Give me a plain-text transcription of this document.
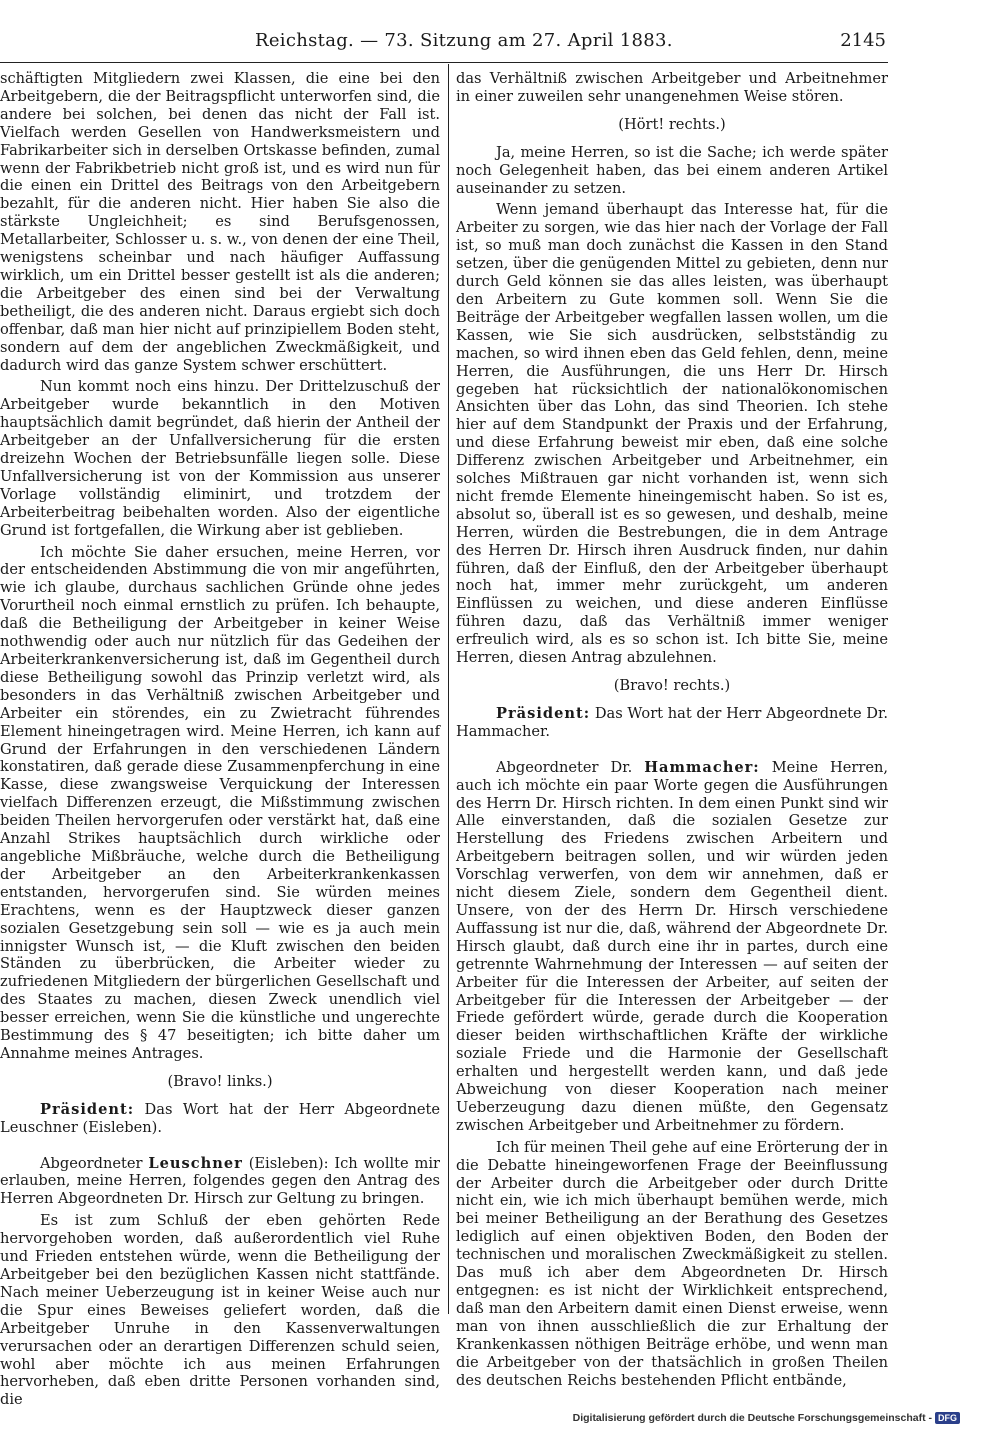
Reichstag. — 73. Sitzung am 27. April 1883.	2145

schäftigten Mitgliedern zwei Klassen, die eine bei den Arbeitgebern, die der Beitragspflicht unterworfen sind, die andere bei solchen, bei denen das nicht der Fall ist. Vielfach werden Gesellen von Handwerksmeistern und Fabrikarbeiter sich in derselben Ortskasse befinden, zumal wenn der Fabrikbetrieb nicht groß ist, und es wird nun für die einen ein Drittel des Beitrags von den Arbeitgebern bezahlt, für die anderen nicht. Hier haben Sie also die stärkste Ungleichheit; es sind Berufsgenossen, Metallarbeiter, Schlosser u. s. w., von denen der eine Theil, wenigstens scheinbar und nach häufiger Auffassung wirklich, um ein Drittel besser gestellt ist als die anderen; die Arbeitgeber des einen sind bei der Verwaltung betheiligt, die des anderen nicht. Daraus ergiebt sich doch offenbar, daß man hier nicht auf prinzipiellem Boden steht, sondern auf dem der angeblichen Zweckmäßigkeit, und dadurch wird das ganze System schwer erschüttert.

Nun kommt noch eins hinzu. Der Drittelzuschuß der Arbeitgeber wurde bekanntlich in den Motiven hauptsächlich damit begründet, daß hierin der Antheil der Arbeitgeber an der Unfallversicherung für die ersten dreizehn Wochen der Betriebsunfälle liegen solle. Diese Unfallversicherung ist von der Kommission aus unserer Vorlage vollständig eliminirt, und trotzdem der Arbeiterbeitrag beibehalten worden. Also der eigentliche Grund ist fortgefallen, die Wirkung aber ist geblieben.

Ich möchte Sie daher ersuchen, meine Herren, vor der entscheidenden Abstimmung die von mir angeführten, wie ich glaube, durchaus sachlichen Gründe ohne jedes Vorurtheil noch einmal ernstlich zu prüfen. Ich behaupte, daß die Betheiligung der Arbeitgeber in keiner Weise nothwendig oder auch nur nützlich für das Gedeihen der Arbeiterkrankenversicherung ist, daß im Gegentheil durch diese Betheiligung sowohl das Prinzip verletzt wird, als besonders in das Verhältniß zwischen Arbeitgeber und Arbeiter ein störendes, ein zu Zwietracht führendes Element hineingetragen wird. Meine Herren, ich kann auf Grund der Erfahrungen in den verschiedenen Ländern konstatiren, daß gerade diese Zusammenpferchung in eine Kasse, diese zwangsweise Verquickung der Interessen vielfach Differenzen erzeugt, die Mißstimmung zwischen beiden Theilen hervorgerufen oder verstärkt hat, daß eine Anzahl Strikes hauptsächlich durch wirkliche oder angebliche Mißbräuche, welche durch die Betheiligung der Arbeitgeber an den Arbeiterkrankenkassen entstanden, hervorgerufen sind. Sie würden meines Erachtens, wenn es der Hauptzweck dieser ganzen sozialen Gesetzgebung sein soll — wie es ja auch mein innigster Wunsch ist, — die Kluft zwischen den beiden Ständen zu überbrücken, die Arbeiter wieder zu zufriedenen Mitgliedern der bürgerlichen Gesellschaft und des Staates zu machen, diesen Zweck unendlich viel besser erreichen, wenn Sie die künstliche und ungerechte Bestimmung des § 47 beseitigten; ich bitte daher um Annahme meines Antrages.

(Bravo! links.)

Präsident: Das Wort hat der Herr Abgeordnete Leuschner (Eisleben).

Abgeordneter Leuschner (Eisleben): Ich wollte mir erlauben, meine Herren, folgendes gegen den Antrag des Herren Abgeordneten Dr. Hirsch zur Geltung zu bringen.

Es ist zum Schluß der eben gehörten Rede hervorgehoben worden, daß außerordentlich viel Ruhe und Frieden entstehen würde, wenn die Betheiligung der Arbeitgeber bei den bezüglichen Kassen nicht stattfände. Nach meiner Ueberzeugung ist in keiner Weise auch nur die Spur eines Beweises geliefert worden, daß die Arbeitgeber Unruhe in den Kassenverwaltungen verursachen oder an derartigen Differenzen schuld seien, wohl aber möchte ich aus meinen Erfahrungen hervorheben, daß eben dritte Personen vorhanden sind, die

das Verhältniß zwischen Arbeitgeber und Arbeitnehmer in einer zuweilen sehr unangenehmen Weise stören.

(Hört! rechts.)

Ja, meine Herren, so ist die Sache; ich werde später noch Gelegenheit haben, das bei einem anderen Artikel auseinander zu setzen.

Wenn jemand überhaupt das Interesse hat, für die Arbeiter zu sorgen, wie das hier nach der Vorlage der Fall ist, so muß man doch zunächst die Kassen in den Stand setzen, über die genügenden Mittel zu gebieten, denn nur durch Geld können sie das alles leisten, was überhaupt den Arbeitern zu Gute kommen soll. Wenn Sie die Beiträge der Arbeitgeber wegfallen lassen wollen, um die Kassen, wie Sie sich ausdrücken, selbstständig zu machen, so wird ihnen eben das Geld fehlen, denn, meine Herren, die Ausführungen, die uns Herr Dr. Hirsch gegeben hat rücksichtlich der nationalökonomischen Ansichten über das Lohn, das sind Theorien. Ich stehe hier auf dem Standpunkt der Praxis und der Erfahrung, und diese Erfahrung beweist mir eben, daß eine solche Differenz zwischen Arbeitgeber und Arbeitnehmer, ein solches Mißtrauen gar nicht vorhanden ist, wenn sich nicht fremde Elemente hineingemischt haben. So ist es, absolut so, überall ist es so gewesen, und deshalb, meine Herren, würden die Bestrebungen, die in dem Antrage des Herren Dr. Hirsch ihren Ausdruck finden, nur dahin führen, daß der Einfluß, den der Arbeitgeber überhaupt noch hat, immer mehr zurückgeht, um anderen Einflüssen zu weichen, und diese anderen Einflüsse führen dazu, daß das Verhältniß immer weniger erfreulich wird, als es so schon ist. Ich bitte Sie, meine Herren, diesen Antrag abzulehnen.

(Bravo! rechts.)

Präsident: Das Wort hat der Herr Abgeordnete Dr. Hammacher.

Abgeordneter Dr. Hammacher: Meine Herren, auch ich möchte ein paar Worte gegen die Ausführungen des Herrn Dr. Hirsch richten. In dem einen Punkt sind wir Alle einverstanden, daß die sozialen Gesetze zur Herstellung des Friedens zwischen Arbeitern und Arbeitgebern beitragen sollen, und wir würden jeden Vorschlag verwerfen, von dem wir annehmen, daß er nicht diesem Ziele, sondern dem Gegentheil dient. Unsere, von der des Herrn Dr. Hirsch verschiedene Auffassung ist nur die, daß, während der Abgeordnete Dr. Hirsch glaubt, daß durch eine ihr in partes, durch eine getrennte Wahrnehmung der Interessen — auf seiten der Arbeiter für die Interessen der Arbeiter, auf seiten der Arbeitgeber für die Interessen der Arbeitgeber — der Friede gefördert würde, gerade durch die Kooperation dieser beiden wirthschaftlichen Kräfte der wirkliche soziale Friede und die Harmonie der Gesellschaft erhalten und hergestellt werden kann, und daß jede Abweichung von dieser Kooperation nach meiner Ueberzeugung dazu dienen müßte, den Gegensatz zwischen Arbeitgeber und Arbeitnehmer zu fördern.

Ich für meinen Theil gehe auf eine Erörterung der in die Debatte hineingeworfenen Frage der Beeinflussung der Arbeiter durch die Arbeitgeber oder durch Dritte nicht ein, wie ich mich überhaupt bemühen werde, mich bei meiner Betheiligung an der Berathung des Gesetzes lediglich auf einen objektiven Boden, den Boden der technischen und moralischen Zweckmäßigkeit zu stellen. Das muß ich aber dem Abgeordneten Dr. Hirsch entgegnen: es ist nicht der Wirklichkeit entsprechend, daß man den Arbeitern damit einen Dienst erweise, wenn man von ihnen ausschließlich die zur Erhaltung der Krankenkassen nöthigen Beiträge erhöbe, und wenn man die Arbeitgeber von der thatsächlich in großen Theilen des deutschen Reichs bestehenden Pflicht entbände,

Digitalisierung gefördert durch die Deutsche Forschungsgemeinschaft - DFG
